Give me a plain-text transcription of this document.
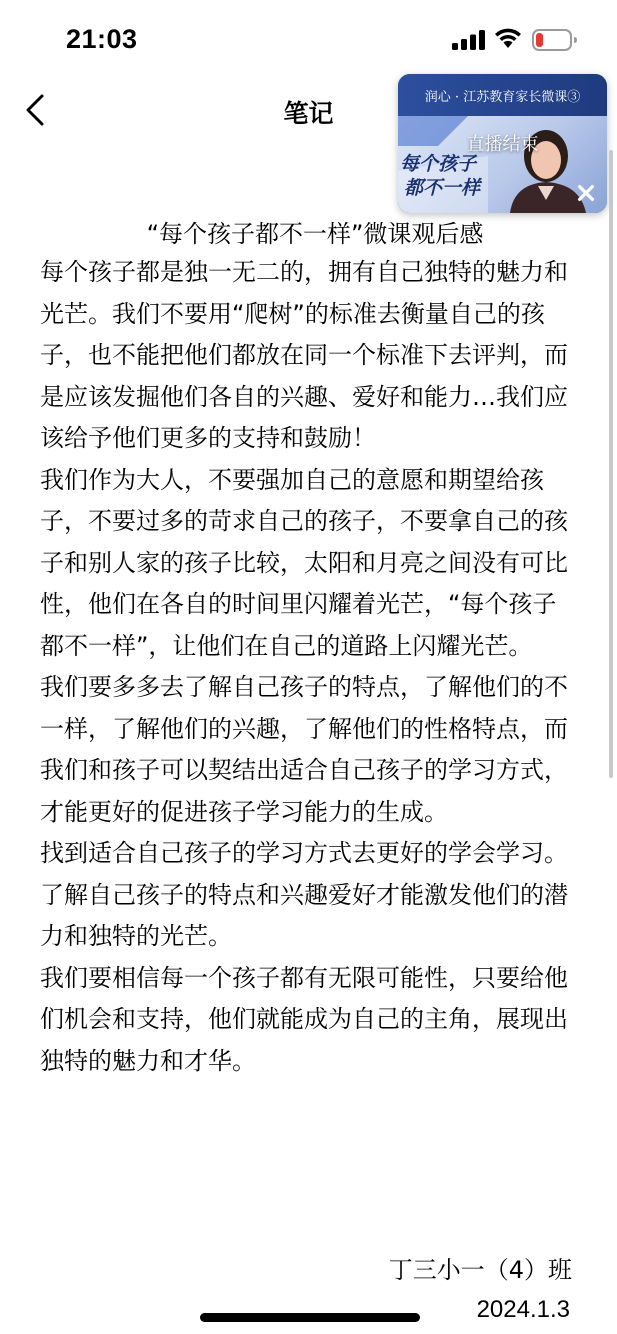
21:03
笔记
润心 · 江苏教育家长微课③
直播结束
每个孩子
都不一样
“每个孩子都不一样”微课观后感

每个孩子都是独一无二的，拥有自己独特的魅力和光芒。我们不要用“爬树”的标准去衡量自己的孩子，也不能把他们都放在同一个标准下去评判，而是应该发掘他们各自的兴趣、爱好和能力…我们应该给予他们更多的支持和鼓励！

我们作为大人，不要强加自己的意愿和期望给孩子，不要过多的苛求自己的孩子，不要拿自己的孩子和别人家的孩子比较，太阳和月亮之间没有可比性，他们在各自的时间里闪耀着光芒，“每个孩子都不一样”，让他们在自己的道路上闪耀光芒。

我们要多多去了解自己孩子的特点，了解他们的不一样，了解他们的兴趣，了解他们的性格特点，而我们和孩子可以契结出适合自己孩子的学习方式，才能更好的促进孩子学习能力的生成。

找到适合自己孩子的学习方式去更好的学会学习。

了解自己孩子的特点和兴趣爱好才能激发他们的潜力和独特的光芒。

我们要相信每一个孩子都有无限可能性，只要给他们机会和支持，他们就能成为自己的主角，展现出独特的魅力和才华。

丁三小一（4）班
2024.1.3
